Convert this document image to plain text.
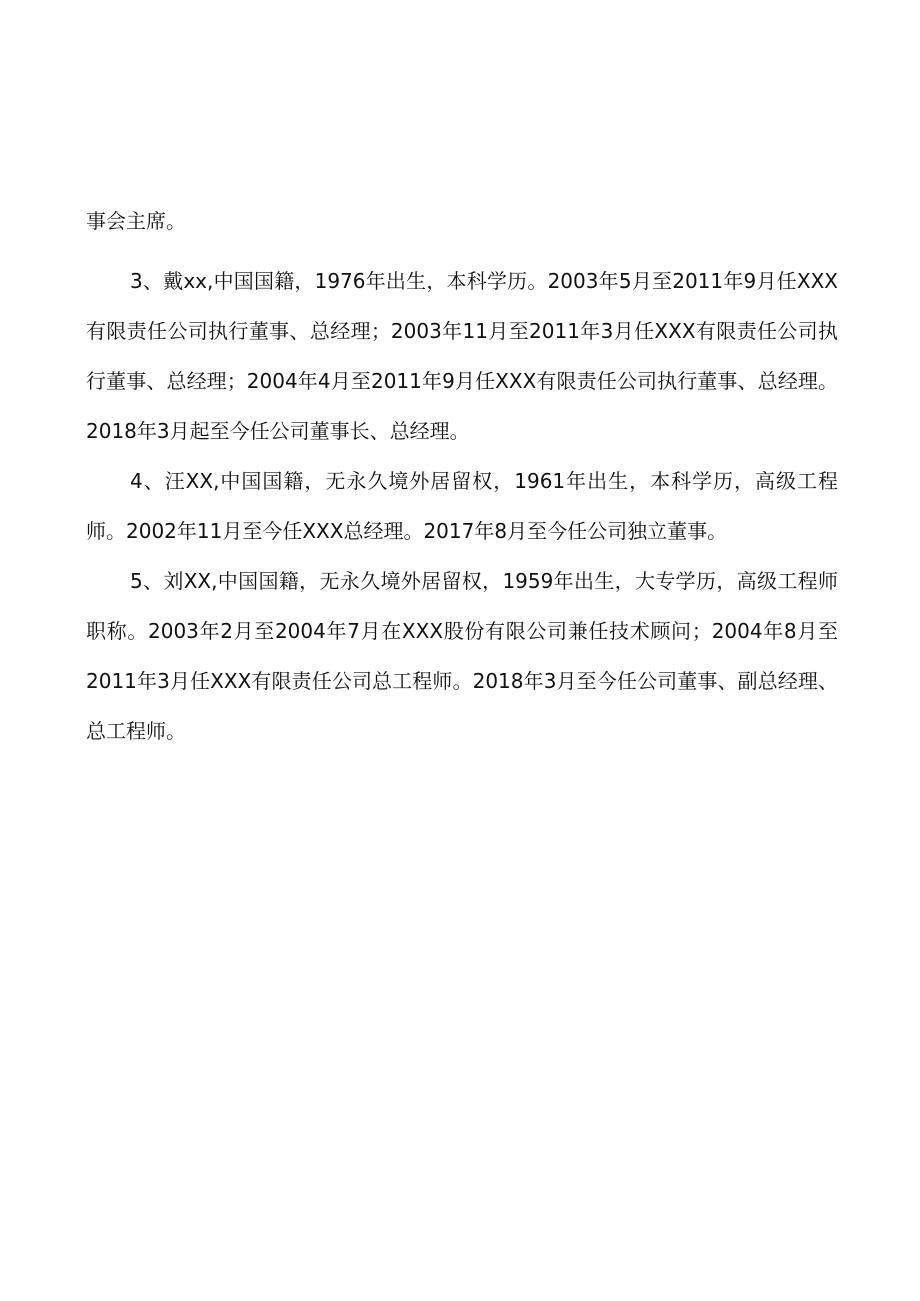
事会主席。

3、戴xx,中国国籍，1976年出生，本科学历。2003年5月至2011年9月任XXX有限责任公司执行董事、总经理；2003年11月至2011年3月任XXX有限责任公司执行董事、总经理；2004年4月至2011年9月任XXX有限责任公司执行董事、总经理。2018年3月起至今任公司董事长、总经理。

4、汪XX,中国国籍，无永久境外居留权，1961年出生，本科学历，高级工程师。2002年11月至今任XXX总经理。2017年8月至今任公司独立董事。

5、刘XX,中国国籍，无永久境外居留权，1959年出生，大专学历，高级工程师职称。2003年2月至2004年7月在XXX股份有限公司兼任技术顾问；2004年8月至2011年3月任XXX有限责任公司总工程师。2018年3月至今任公司董事、副总经理、总工程师。
